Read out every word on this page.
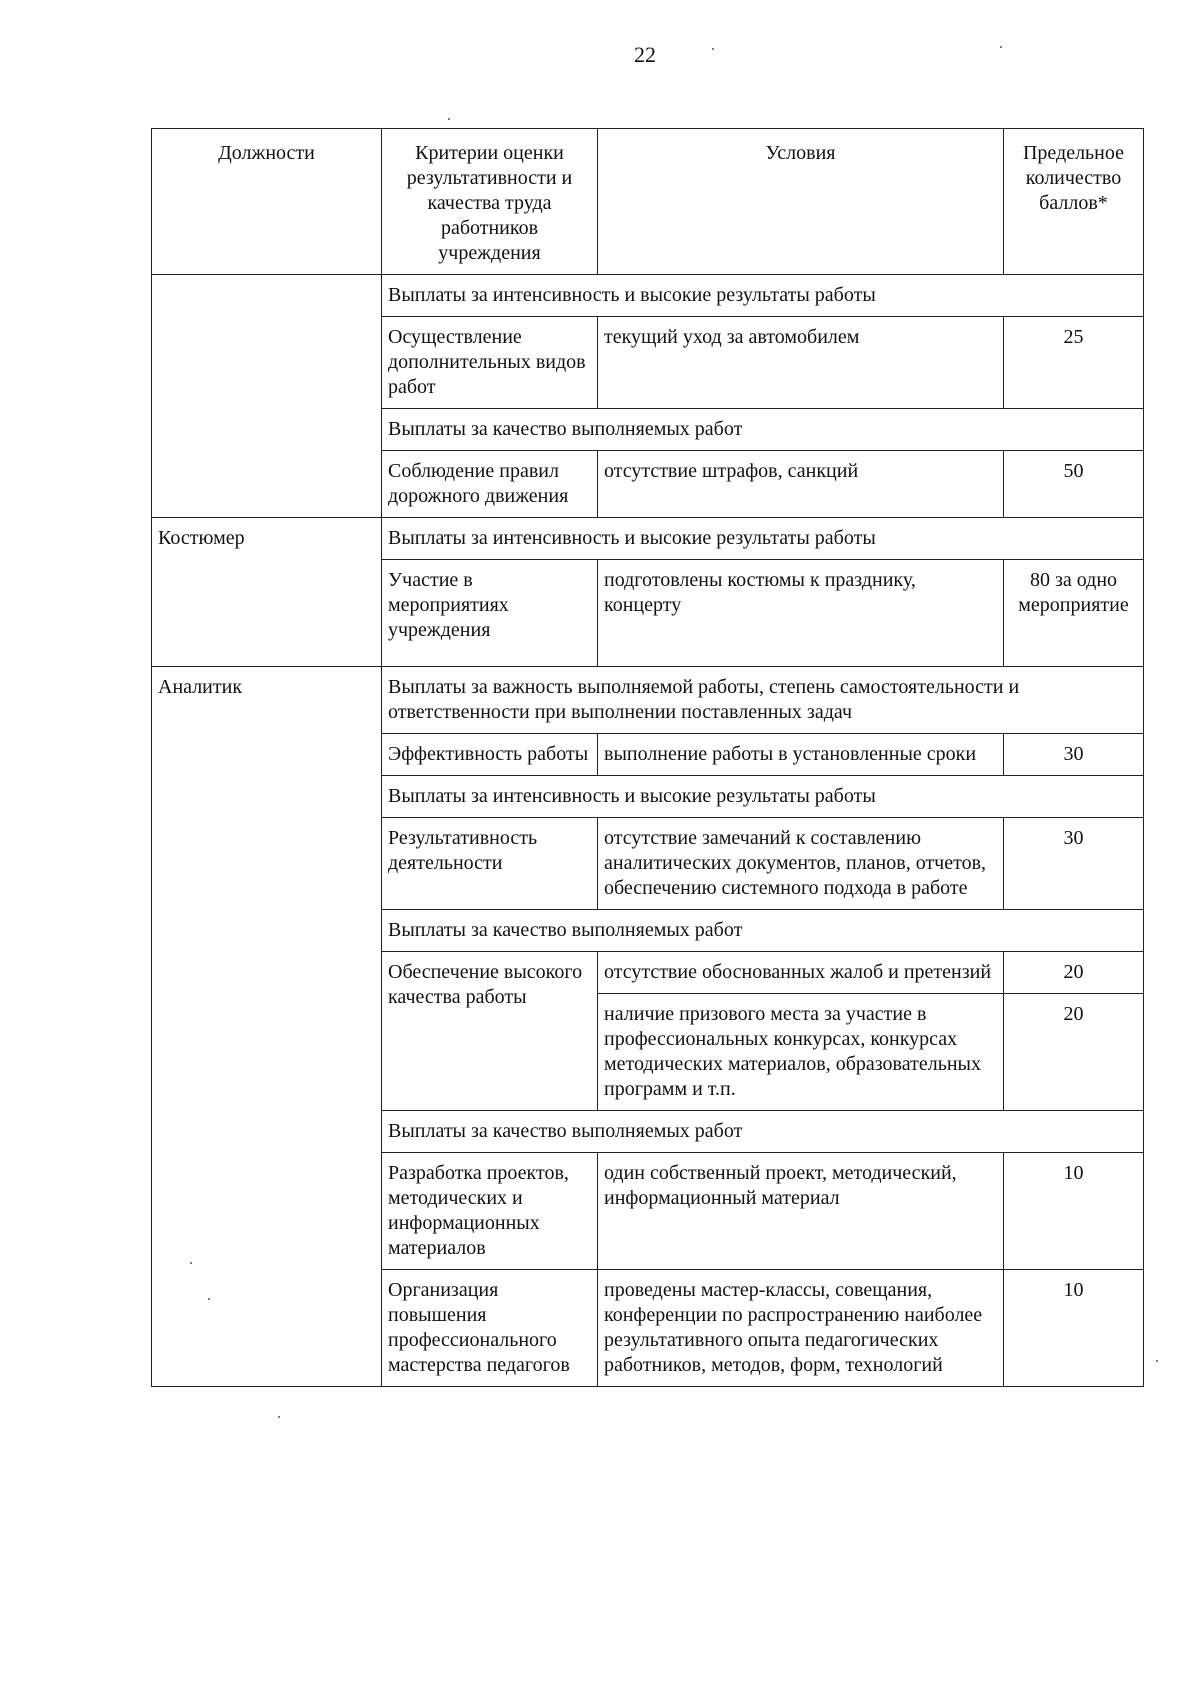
22
Должности	Критерии оценки результативности и качества труда работников учреждения	Условия	Предельное количество баллов*
	Выплаты за интенсивность и высокие результаты работы		
	Осуществление дополнительных видов работ	текущий уход за автомобилем	25
	Выплаты за качество выполняемых работ		
	Соблюдение правил дорожного движения	отсутствие штрафов, санкций	50
Костюмер	Выплаты за интенсивность и высокие результаты работы		
	Участие в мероприятиях учреждения	подготовлены костюмы к празднику, концерту	80 за одно мероприятие
Аналитик	Выплаты за важность выполняемой работы, степень самостоятельности и ответственности при выполнении поставленных задач		
	Эффективность работы	выполнение работы в установленные сроки	30
	Выплаты за интенсивность и высокие результаты работы		
	Результативность деятельности	отсутствие замечаний к составлению аналитических документов, планов, отчетов, обеспечению системного подхода в работе	30
	Выплаты за качество выполняемых работ		
	Обеспечение высокого качества работы	отсутствие обоснованных жалоб и претензий	20
		наличие призового места за участие в профессиональных конкурсах, конкурсах методических материалов, образовательных программ и т.п.	20
	Выплаты за качество выполняемых работ		
	Разработка проектов, методических и информационных материалов	один собственный проект, методический, информационный материал	10
	Организация повышения профессионального мастерства педагогов	проведены мастер-классы, совещания, конференции по распространению наиболее результативного опыта педагогических работников, методов, форм, технологий	10
